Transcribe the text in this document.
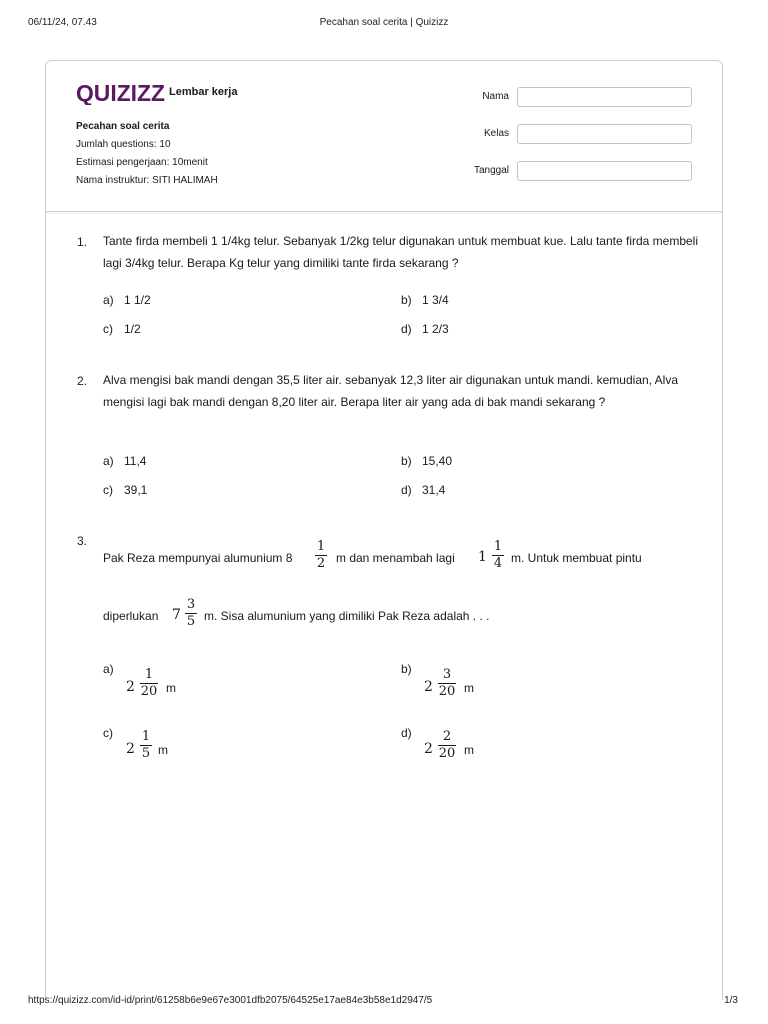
06/11/24, 07.43	Pecahan soal cerita | Quizizz
QUIZIZZ Lembar kerja
Pecahan soal cerita
Jumlah questions: 10
Estimasi pengerjaan: 10menit
Nama instruktur: SITI HALIMAH
Nama
Kelas
Tanggal
1. Tante firda membeli 1 1/4kg telur. Sebanyak 1/2kg telur digunakan untuk membuat kue. Lalu tante firda membeli lagi 3/4kg telur. Berapa Kg telur yang dimiliki tante firda sekarang ?
a) 1 1/2	b) 1 3/4
c) 1/2	d) 1 2/3
2. Alva mengisi bak mandi dengan 35,5 liter air. sebanyak 12,3 liter air digunakan untuk mandi. kemudian, Alva mengisi lagi bak mandi dengan 8,20 liter air. Berapa liter air yang ada di bak mandi sekarang ?
a) 11,4	b) 15,40
c) 39,1	d) 31,4
3.
Pak Reza mempunyai alumunium 8
1
2 m dan menambah lagi 1
1
4 m. Untuk membuat pintu
diperlukan 7
3
5 m. Sisa alumunium yang dimiliki Pak Reza adalah . . .
a)
2
1
20 m
b)
2
3
20 m
c)
2
1
5 m
d)
2
2
20 m
https://quizizz.com/id-id/print/61258b6e9e67e3001dfb2075/64525e17ae84e3b58e1d2947/5	1/3
